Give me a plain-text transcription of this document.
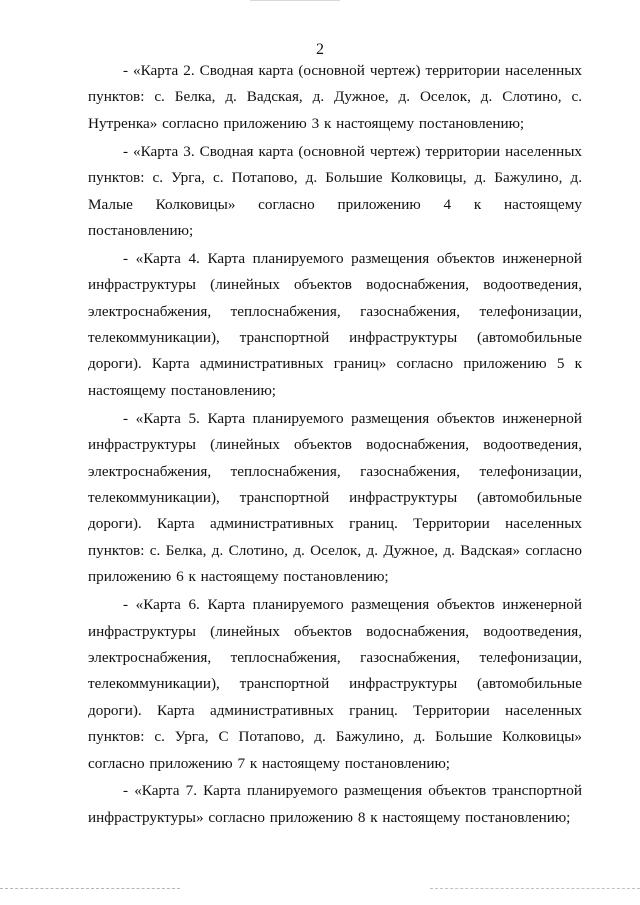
2

- «Карта 2. Сводная карта (основной чертеж) территории населенных пунктов: с. Белка, д. Вадская, д. Дужное, д. Оселок, д. Слотино, с. Нутренка» согласно приложению 3 к настоящему постановлению;

- «Карта 3. Сводная карта (основной чертеж) территории населенных пунктов: с. Урга, с. Потапово, д. Большие Колковицы, д. Бажулино, д. Малые Колковицы» согласно приложению 4 к настоящему постановлению;

- «Карта 4. Карта планируемого размещения объектов инженерной инфраструктуры (линейных объектов водоснабжения, водоотведения, электроснабжения, теплоснабжения, газоснабжения, телефонизации, телекоммуникации), транспортной инфраструктуры (автомобильные дороги). Карта административных границ» согласно приложению 5 к настоящему постановлению;

- «Карта 5. Карта планируемого размещения объектов инженерной инфраструктуры (линейных объектов водоснабжения, водоотведения, электроснабжения, теплоснабжения, газоснабжения, телефонизации, телекоммуникации), транспортной инфраструктуры (автомобильные дороги). Карта административных границ. Территории населенных пунктов: с. Белка, д. Слотино, д. Оселок, д. Дужное, д. Вадская» согласно приложению 6 к настоящему постановлению;

- «Карта 6. Карта планируемого размещения объектов инженерной инфраструктуры (линейных объектов водоснабжения, водоотведения, электроснабжения, теплоснабжения, газоснабжения, телефонизации, телекоммуникации), транспортной инфраструктуры (автомобильные дороги). Карта административных границ. Территории населенных пунктов: с. Урга, С Потапово, д. Бажулино, д. Большие Колковицы» согласно приложению 7 к настоящему постановлению;

- «Карта 7. Карта планируемого размещения объектов транспортной инфраструктуры» согласно приложению 8 к настоящему постановлению;
